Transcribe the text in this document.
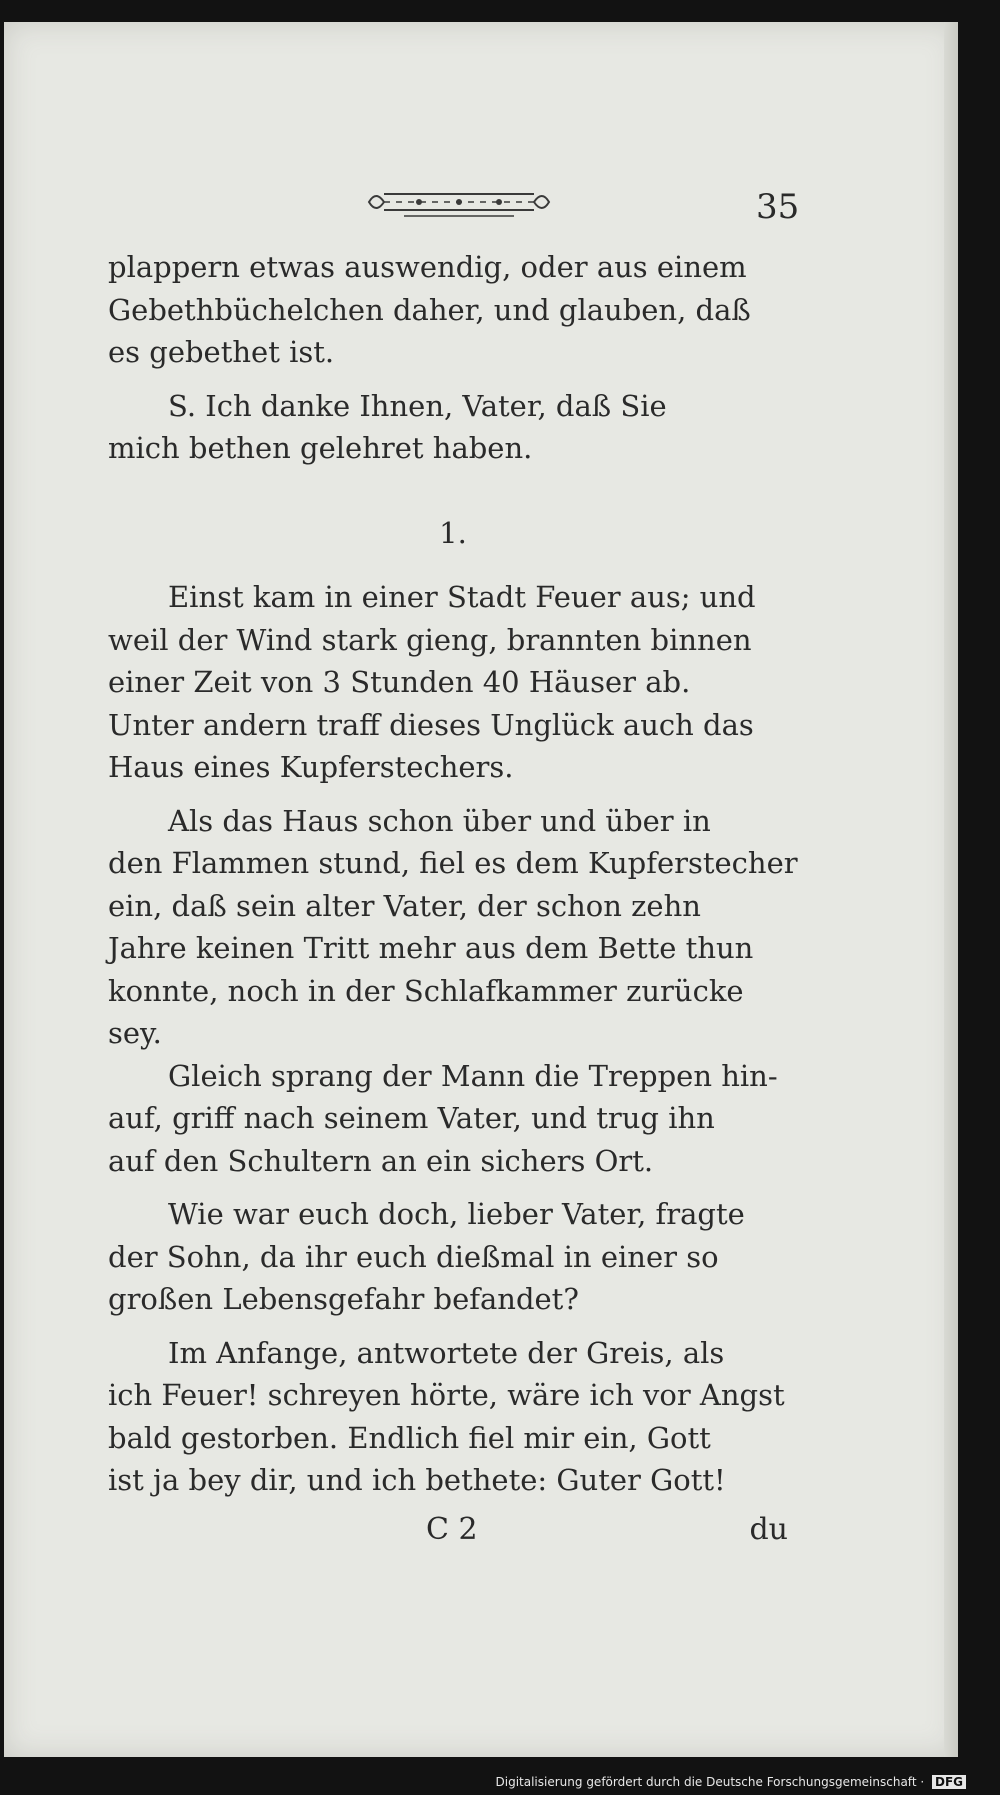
35

plappern etwas auswendig, oder aus einem
Gebethbüchelchen daher, und glauben, daß
es gebethet ist.

S. Ich danke Ihnen, Vater, daß Sie
mich bethen gelehret haben.

1.

Einst kam in einer Stadt Feuer aus; und
weil der Wind stark gieng, brannten binnen
einer Zeit von 3 Stunden 40 Häuser ab.
Unter andern traff dieses Unglück auch das
Haus eines Kupferstechers.

Als das Haus schon über und über in
den Flammen stund, fiel es dem Kupferstecher
ein, daß sein alter Vater, der schon zehn
Jahre keinen Tritt mehr aus dem Bette thun
konnte, noch in der Schlafkammer zurücke
sey.

Gleich sprang der Mann die Treppen hin-
auf, griff nach seinem Vater, und trug ihn
auf den Schultern an ein sichers Ort.

Wie war euch doch, lieber Vater, fragte
der Sohn, da ihr euch dießmal in einer so
großen Lebensgefahr befandet?

Im Anfange, antwortete der Greis, als
ich Feuer! schreyen hörte, wäre ich vor Angst
bald gestorben. Endlich fiel mir ein, Gott
ist ja bey dir, und ich bethete: Guter Gott!

C 2	du
Digitalisierung gefördert durch die Deutsche Forschungsgemeinschaft · DFG
